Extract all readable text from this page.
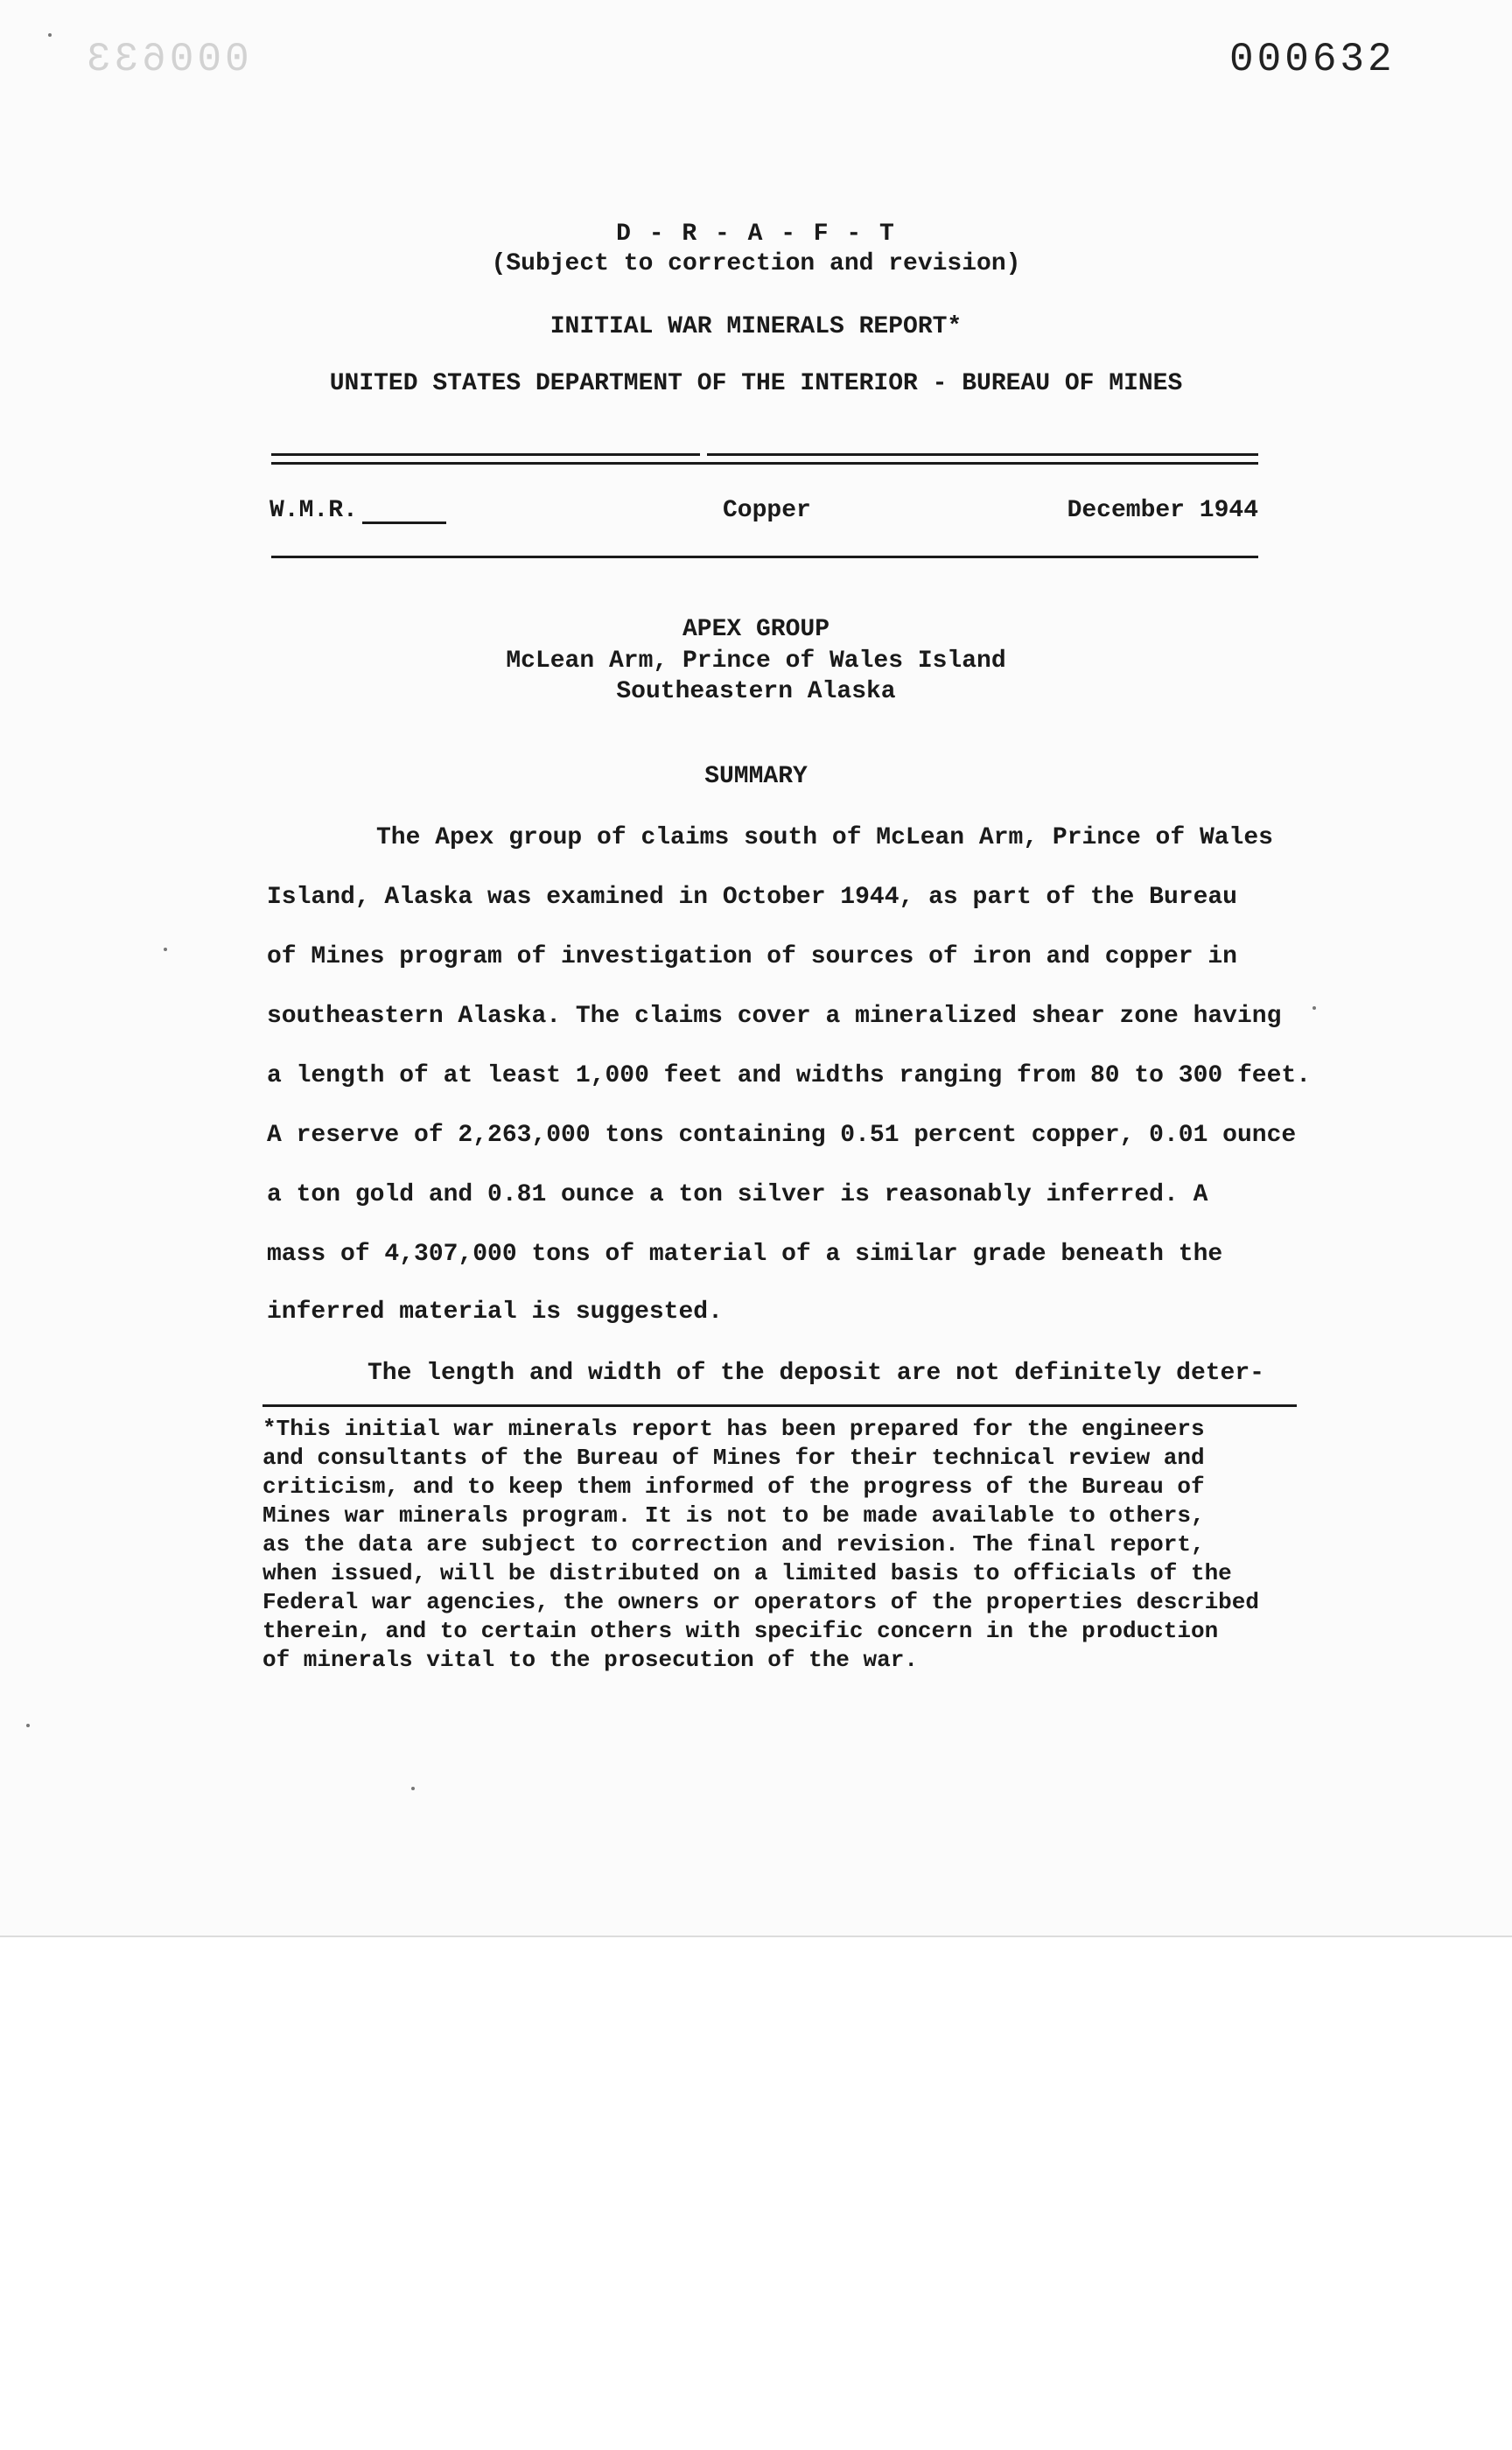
000633	000632
D - R - A - F - T
(Subject to correction and revision)
INITIAL WAR MINERALS REPORT*
UNITED STATES DEPARTMENT OF THE INTERIOR - BUREAU OF MINES
W.M.R.	Copper	December 1944
APEX GROUP
McLean Arm, Prince of Wales Island
Southeastern Alaska
SUMMARY
The Apex group of claims south of McLean Arm, Prince of Wales
Island, Alaska was examined in October 1944, as part of the Bureau
of Mines program of investigation of sources of iron and copper in
southeastern Alaska. The claims cover a mineralized shear zone having
a length of at least 1,000 feet and widths ranging from 80 to 300 feet.
A reserve of 2,263,000 tons containing 0.51 percent copper, 0.01 ounce
a ton gold and 0.81 ounce a ton silver is reasonably inferred. A
mass of 4,307,000 tons of material of a similar grade beneath the
inferred material is suggested.
The length and width of the deposit are not definitely deter-
*This initial war minerals report has been prepared for the engineers
and consultants of the Bureau of Mines for their technical review and
criticism, and to keep them informed of the progress of the Bureau of
Mines war minerals program. It is not to be made available to others,
as the data are subject to correction and revision. The final report,
when issued, will be distributed on a limited basis to officials of the
Federal war agencies, the owners or operators of the properties described
therein, and to certain others with specific concern in the production
of minerals vital to the prosecution of the war.
